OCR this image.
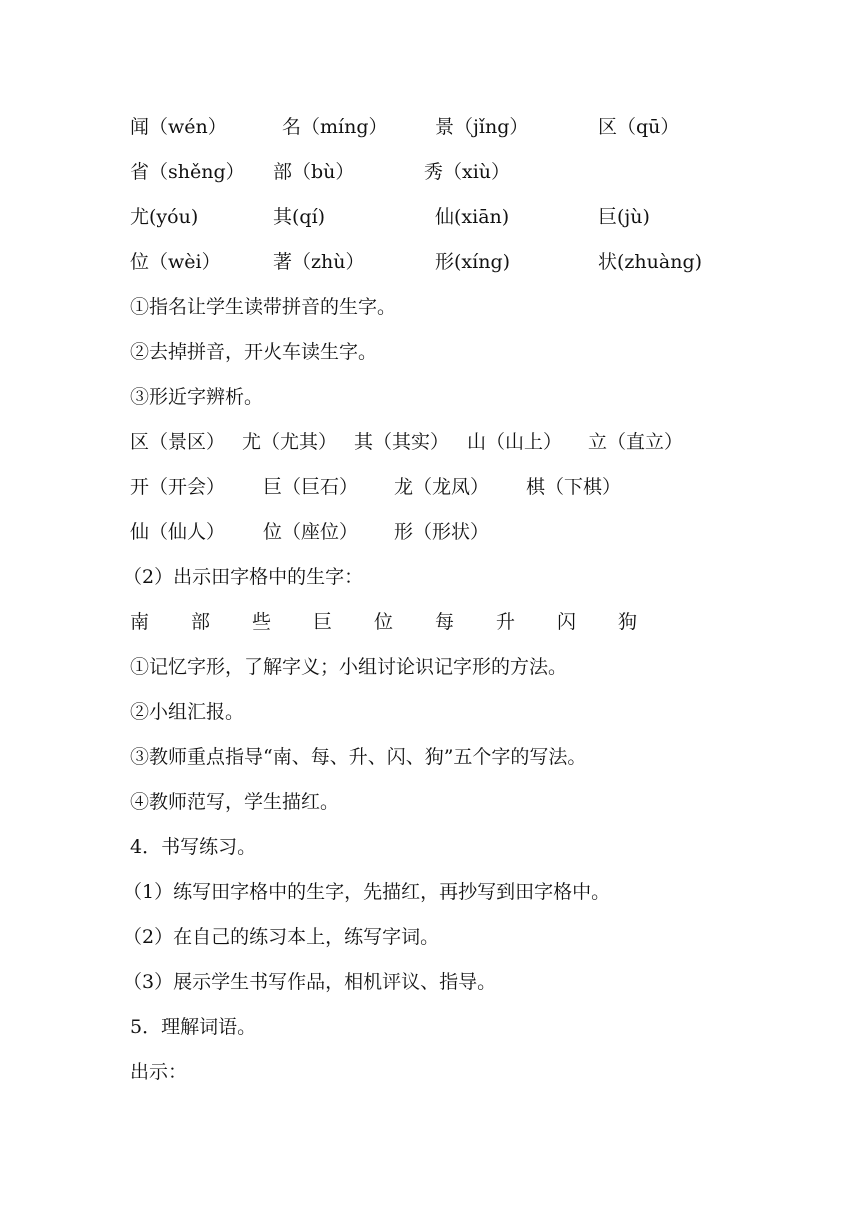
闻（wén）	名（míng）	景（jǐng）	区（qū）
省（shěng） 部（bù）	秀（xiù）
尤(yóu)	其(qí)	仙(xiān)	巨(jù)
位（wèi）	著（zhù）	形(xíng)	状(zhuàng)
①指名让学生读带拼音的生字。
②去掉拼音，开火车读生字。
③形近字辨析。
区（景区） 尤（尤其） 其（其实） 山（山上） 立（直立）
开（开会） 巨（巨石） 龙（龙凤） 棋（下棋）
仙（仙人） 位（座位） 形（形状）
（2）出示田字格中的生字：
南 部 些 巨 位 每 升 闪 狗
①记忆字形，了解字义；小组讨论识记字形的方法。
②小组汇报。
③教师重点指导“南、每、升、闪、狗”五个字的写法。
④教师范写，学生描红。
4．书写练习。
（1）练写田字格中的生字，先描红，再抄写到田字格中。
（2）在自己的练习本上，练写字词。
（3）展示学生书写作品，相机评议、指导。
5．理解词语。
出示：
